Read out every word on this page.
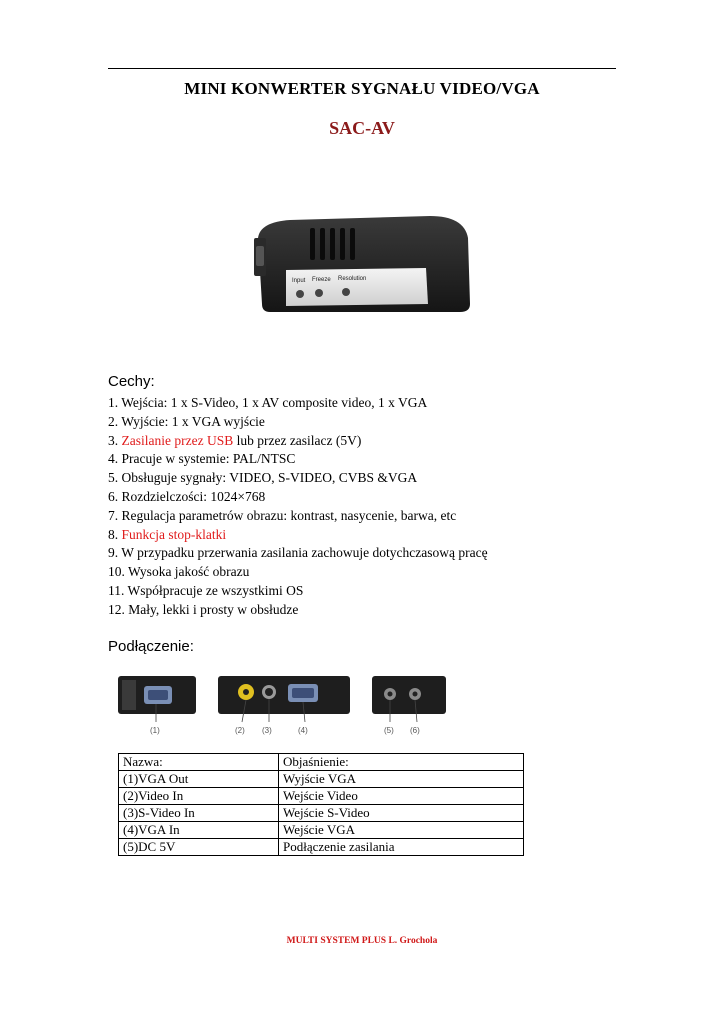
MINI KONWERTER SYGNAŁU VIDEO/VGA
SAC-AV
Input Freeze Resolution
Cechy:
1. Wejścia: 1 x S-Video, 1 x AV composite video, 1 x VGA
2. Wyjście: 1 x VGA wyjście
3. Zasilanie przez USB lub przez zasilacz (5V)
4. Pracuje w systemie: PAL/NTSC
5. Obsługuje sygnały: VIDEO, S-VIDEO, CVBS &VGA
6. Rozdzielczości: 1024×768
7. Regulacja parametrów obrazu: kontrast, nasycenie, barwa, etc
8. Funkcja stop-klatki
9. W przypadku przerwania zasilania zachowuje dotychczasową pracę
10. Wysoka jakość obrazu
11. Współpracuje ze wszystkimi OS
12. Mały, lekki i prosty w obsłudze
Podłączenie:
(1)	(2) (3)	(4)	(5) (6)
Nazwa:	Objaśnienie:
(1)VGA Out	Wyjście VGA
(2)Video In	Wejście Video
(3)S-Video In	Wejście S-Video
(4)VGA In	Wejście VGA
(5)DC 5V	Podłączenie zasilania
MULTI SYSTEM PLUS L. Grochola
